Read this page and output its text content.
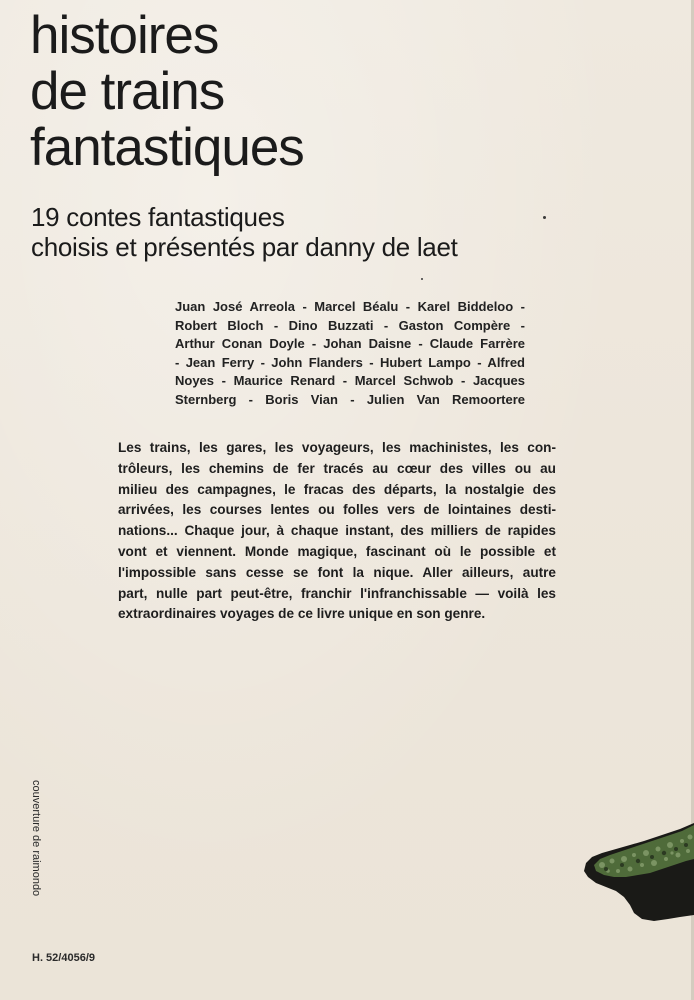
histoires
de trains
fantastiques
19 contes fantastiques
choisis et présentés par danny de laet
Juan José Arreola - Marcel Béalu - Karel Biddeloo -
Robert Bloch - Dino Buzzati - Gaston Compère -
Arthur Conan Doyle - Johan Daisne - Claude Farrère
- Jean Ferry - John Flanders - Hubert Lampo - Alfred
Noyes - Maurice Renard - Marcel Schwob - Jacques
Sternberg - Boris Vian - Julien Van Remoortere
Les trains, les gares, les voyageurs, les machinistes, les con-
trôleurs, les chemins de fer tracés au cœur des villes ou au
milieu des campagnes, le fracas des départs, la nostalgie des
arrivées, les courses lentes ou folles vers de lointaines desti-
nations... Chaque jour, à chaque instant, des milliers de rapides
vont et viennent. Monde magique, fascinant où le possible et
l'impossible sans cesse se font la nique. Aller ailleurs, autre
part, nulle part peut-être, franchir l'infranchissable — voilà les
extraordinaires voyages de ce livre unique en son genre.
couverture de raimondo
H. 52/4056/9
